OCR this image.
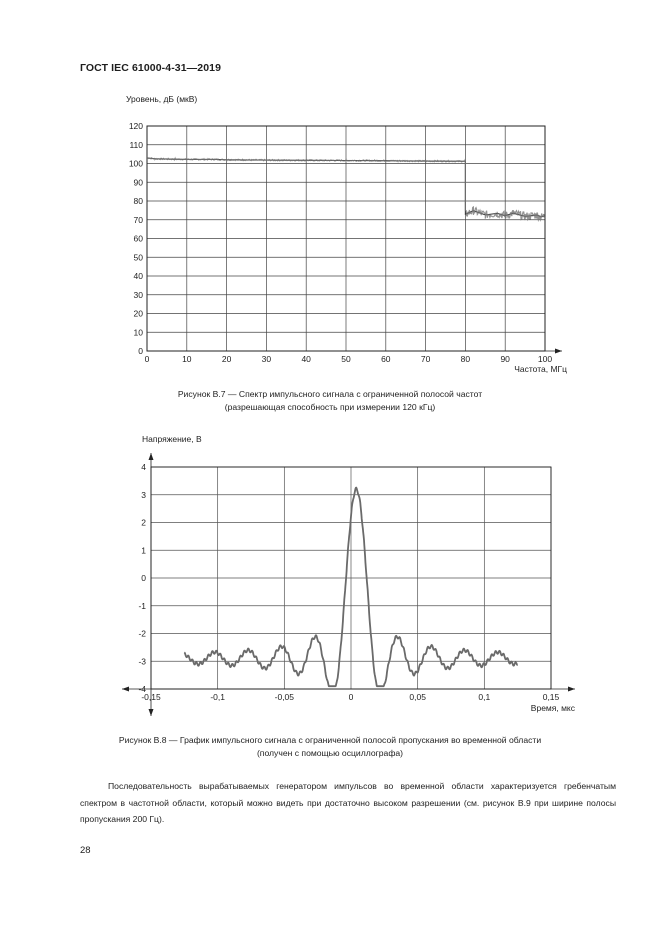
ГОСТ IEC 61000-4-31—2019
0
10
20
30
40
50
60
70
80
90
100
110
120
0	10	20	30	40	50	60	70	80	90	100
Уровень, дБ (мкВ)
Частота, МГц
Рисунок В.7 — Спектр импульсного сигнала с ограниченной полосой частот
(разрешающая способность при измерении 120 кГц)
-4
-3
-2
-1
0
1
2
3
4
-0,15	-0,1	-0,05	0	0,05	0,1	0,15
Напряжение, В
Время, мкс
Рисунок В.8 — График импульсного сигнала с ограниченной полосой пропускания во временной области
(получен с помощью осциллографа)

Последовательность вырабатываемых генератором импульсов во временной области характеризуется гребенчатым спектром в частотной области, который можно видеть при достаточно высоком разрешении (см. рисунок В.9 при ширине полосы пропускания 200 Гц).

28
